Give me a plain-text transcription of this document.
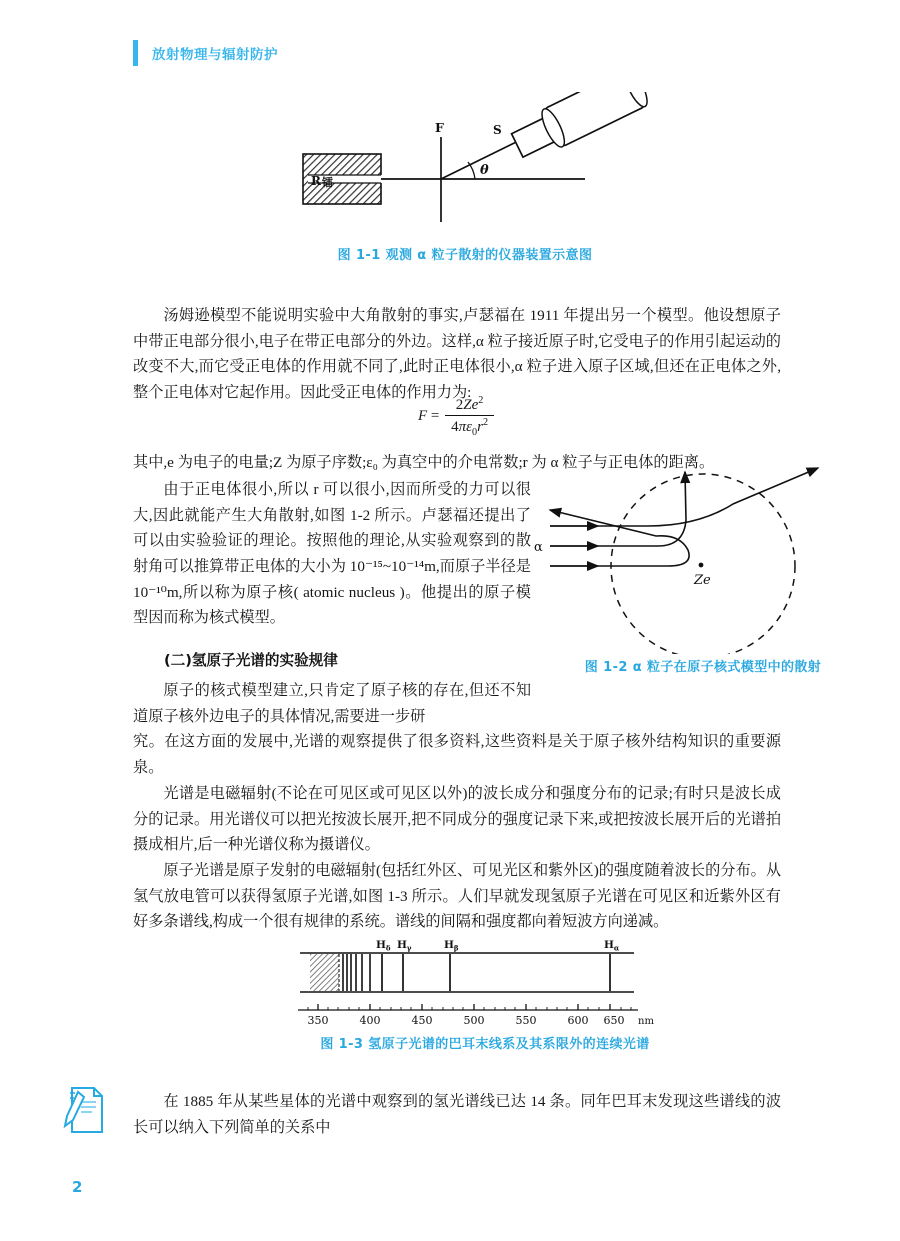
放射物理与辐射防护
R 镭
F
θ
S
图 1-1 观测 α 粒子散射的仪器装置示意图

汤姆逊模型不能说明实验中大角散射的事实,卢瑟福在 1911 年提出另一个模型。他设想原子中带正电部分很小,电子在带正电部分的外边。这样,α 粒子接近原子时,它受电子的作用引起运动的改变不大,而它受正电体的作用就不同了,此时正电体很小,α 粒子进入原子区域,但还在正电体之外,整个正电体对它起作用。因此受正电体的作用力为:

$F = \frac{2Ze^2}{4\pi\varepsilon_0r^2}$

其中,e 为电子的电量;Z 为原子序数;ε₀ 为真空中的介电常数;r 为 α 粒子与正电体的距离。

由于正电体很小,所以 r 可以很小,因而所受的力可以很大,因此就能产生大角散射,如图 1-2 所示。卢瑟福还提出了可以由实验验证的理论。按照他的理论,从实验观察到的散射角可以推算带正电体的大小为 10⁻¹⁵~10⁻¹⁴m,而原子半径是 10⁻¹⁰m,所以称为原子核( atomic nucleus )。他提出的原子模型因而称为核式模型。

Ze
α
图 1-2 α 粒子在原子核式模型中的散射
(二)氢原子光谱的实验规律

原子的核式模型建立,只肯定了原子核的存在,但还不知道原子核外边电子的具体情况,需要进一步研

究。在这方面的发展中,光谱的观察提供了很多资料,这些资料是关于原子核外结构知识的重要源泉。

光谱是电磁辐射(不论在可见区或可见区以外)的波长成分和强度分布的记录;有时只是波长成分的记录。用光谱仪可以把光按波长展开,把不同成分的强度记录下来,或把按波长展开后的光谱拍摄成相片,后一种光谱仪称为摄谱仪。

原子光谱是原子发射的电磁辐射(包括红外区、可见光区和紫外区)的强度随着波长的分布。从氢气放电管可以获得氢原子光谱,如图 1-3 所示。人们早就发现氢原子光谱在可见区和近紫外区有好多条谱线,构成一个很有规律的系统。谱线的间隔和强度都向着短波方向递减。

$H_\delta$ $H_\gamma$	$H_\beta$	$H_\alpha$
350	400	450	500	550	600 650 nm
图 1-3 氢原子光谱的巴耳末线系及其系限外的连续光谱

在 1885 年从某些星体的光谱中观察到的氢光谱线已达 14 条。同年巴耳末发现这些谱线的波长可以纳入下列简单的关系中

2
